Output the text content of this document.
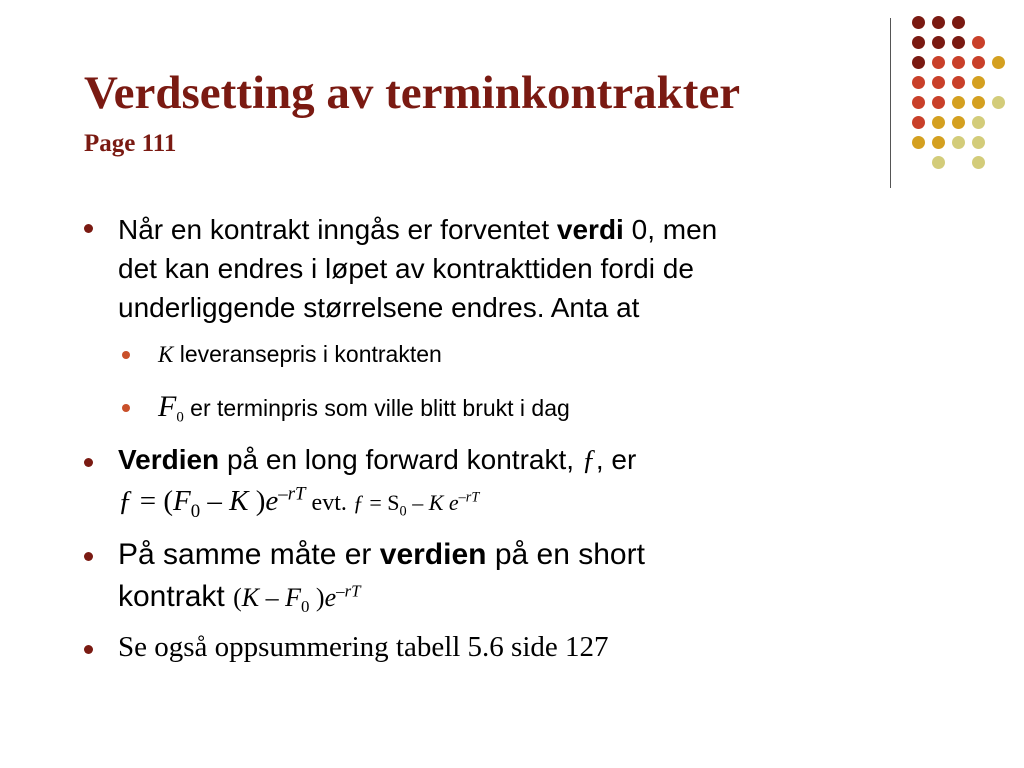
Verdsetting av terminkontrakter
Page 111
Når en kontrakt inngås er forventet verdi 0, men
det kan endres i løpet av kontrakttiden fordi de
underliggende størrelsene endres. Anta at
K leveransepris i kontrakten
$F_0$ er terminpris som ville blitt brukt i dag
Verdien på en long forward kontrakt, ƒ, er
ƒ = ($F_0$ – K )$e^{-rT}$ evt. ƒ = $S_0$ – K $e^{-rT}$
På samme måte er verdien på en short
kontrakt ($K - F_0$ )$e^{-rT}$
Se også oppsummering tabell 5.6 side 127
